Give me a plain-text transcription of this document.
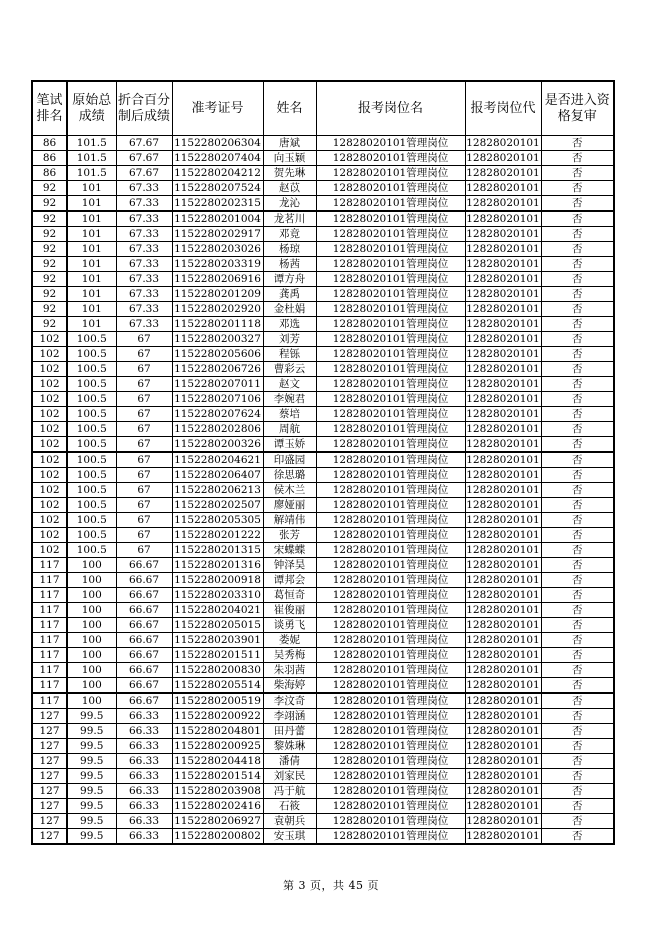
笔试排名	原始总成绩	折合百分制后成绩	准考证号	姓名	报考岗位名	报考岗位代	是否进入资格复审
86	101.5	67.67	1152280206304	唐斌	12828020101管理岗位	12828020101	否
86	101.5	67.67	1152280207404	向玉颖	12828020101管理岗位	12828020101	否
86	101.5	67.67	1152280204212	贺先琳	12828020101管理岗位	12828020101	否
92	101	67.33	1152280207524	赵苡	12828020101管理岗位	12828020101	否
92	101	67.33	1152280202315	龙沁	12828020101管理岗位	12828020101	否
92	101	67.33	1152280201004	龙茗川	12828020101管理岗位	12828020101	否
92	101	67.33	1152280202917	邓竟	12828020101管理岗位	12828020101	否
92	101	67.33	1152280203026	杨琼	12828020101管理岗位	12828020101	否
92	101	67.33	1152280203319	杨茜	12828020101管理岗位	12828020101	否
92	101	67.33	1152280206916	谭方舟	12828020101管理岗位	12828020101	否
92	101	67.33	1152280201209	龚禹	12828020101管理岗位	12828020101	否
92	101	67.33	1152280202920	金杜娟	12828020101管理岗位	12828020101	否
92	101	67.33	1152280201118	邓选	12828020101管理岗位	12828020101	否
102	100.5	67	1152280200327	刘芳	12828020101管理岗位	12828020101	否
102	100.5	67	1152280205606	程铄	12828020101管理岗位	12828020101	否
102	100.5	67	1152280206726	曹彩云	12828020101管理岗位	12828020101	否
102	100.5	67	1152280207011	赵文	12828020101管理岗位	12828020101	否
102	100.5	67	1152280207106	李婉君	12828020101管理岗位	12828020101	否
102	100.5	67	1152280207624	蔡培	12828020101管理岗位	12828020101	否
102	100.5	67	1152280202806	周航	12828020101管理岗位	12828020101	否
102	100.5	67	1152280200326	谭玉娇	12828020101管理岗位	12828020101	否
102	100.5	67	1152280204621	印盛园	12828020101管理岗位	12828020101	否
102	100.5	67	1152280206407	徐思璐	12828020101管理岗位	12828020101	否
102	100.5	67	1152280206213	侯木兰	12828020101管理岗位	12828020101	否
102	100.5	67	1152280202507	廖娅丽	12828020101管理岗位	12828020101	否
102	100.5	67	1152280205305	解靖伟	12828020101管理岗位	12828020101	否
102	100.5	67	1152280201222	张芳	12828020101管理岗位	12828020101	否
102	100.5	67	1152280201315	宋蝶蝶	12828020101管理岗位	12828020101	否
117	100	66.67	1152280201316	钟泽昊	12828020101管理岗位	12828020101	否
117	100	66.67	1152280200918	谭邦会	12828020101管理岗位	12828020101	否
117	100	66.67	1152280203310	葛恒奇	12828020101管理岗位	12828020101	否
117	100	66.67	1152280204021	崔俊丽	12828020101管理岗位	12828020101	否
117	100	66.67	1152280205015	谈勇飞	12828020101管理岗位	12828020101	否
117	100	66.67	1152280203901	娄妮	12828020101管理岗位	12828020101	否
117	100	66.67	1152280201511	吴秀梅	12828020101管理岗位	12828020101	否
117	100	66.67	1152280200830	朱羽茜	12828020101管理岗位	12828020101	否
117	100	66.67	1152280205514	柴海婷	12828020101管理岗位	12828020101	否
117	100	66.67	1152280200519	李汶奇	12828020101管理岗位	12828020101	否
127	99.5	66.33	1152280200922	李翊涵	12828020101管理岗位	12828020101	否
127	99.5	66.33	1152280204801	田丹蕾	12828020101管理岗位	12828020101	否
127	99.5	66.33	1152280200925	黎姝琳	12828020101管理岗位	12828020101	否
127	99.5	66.33	1152280204418	潘倩	12828020101管理岗位	12828020101	否
127	99.5	66.33	1152280201514	刘家民	12828020101管理岗位	12828020101	否
127	99.5	66.33	1152280203908	冯于航	12828020101管理岗位	12828020101	否
127	99.5	66.33	1152280202416	石筱	12828020101管理岗位	12828020101	否
127	99.5	66.33	1152280206927	袁朝兵	12828020101管理岗位	12828020101	否
127	99.5	66.33	1152280200802	安玉琪	12828020101管理岗位	12828020101	否
第 3 页，共 45 页
